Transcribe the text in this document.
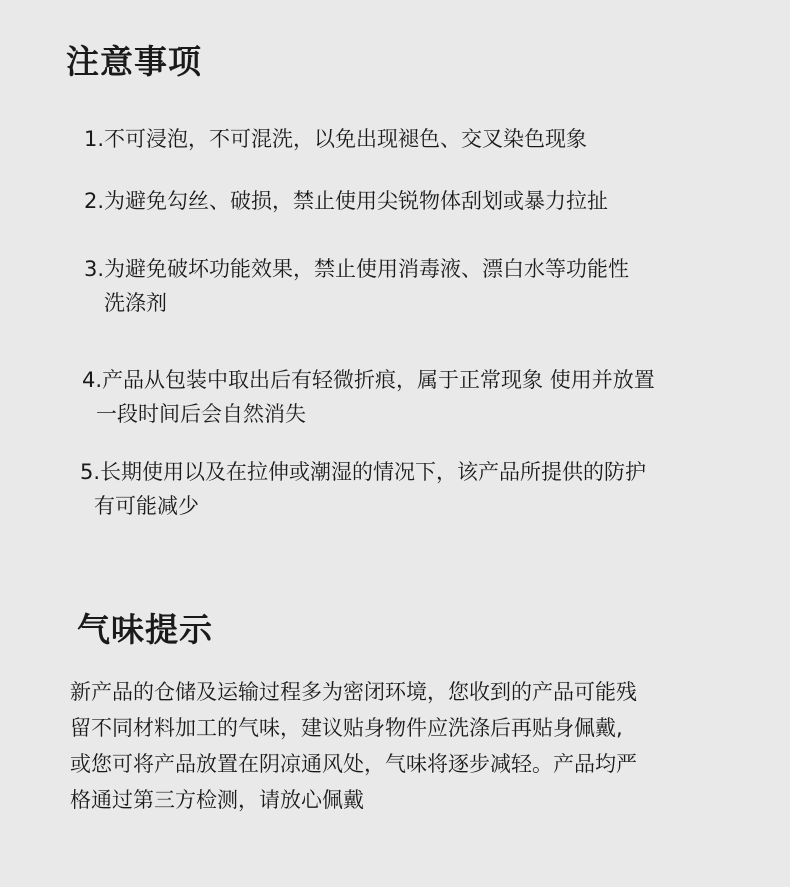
注意事项

1.不可浸泡，不可混洗，以免出现褪色、交叉染色现象

2.为避免勾丝、破损，禁止使用尖锐物体刮划或暴力拉扯

3.为避免破坏功能效果，禁止使用消毒液、漂白水等功能性
洗涤剂

4.产品从包装中取出后有轻微折痕，属于正常现象 使用并放置
一段时间后会自然消失

5.长期使用以及在拉伸或潮湿的情况下，该产品所提供的防护
有可能减少

气味提示

新产品的仓储及运输过程多为密闭环境，您收到的产品可能残
留不同材料加工的气味，建议贴身物件应洗涤后再贴身佩戴,
或您可将产品放置在阴凉通风处，气味将逐步减轻。产品均严
格通过第三方检测，请放心佩戴
